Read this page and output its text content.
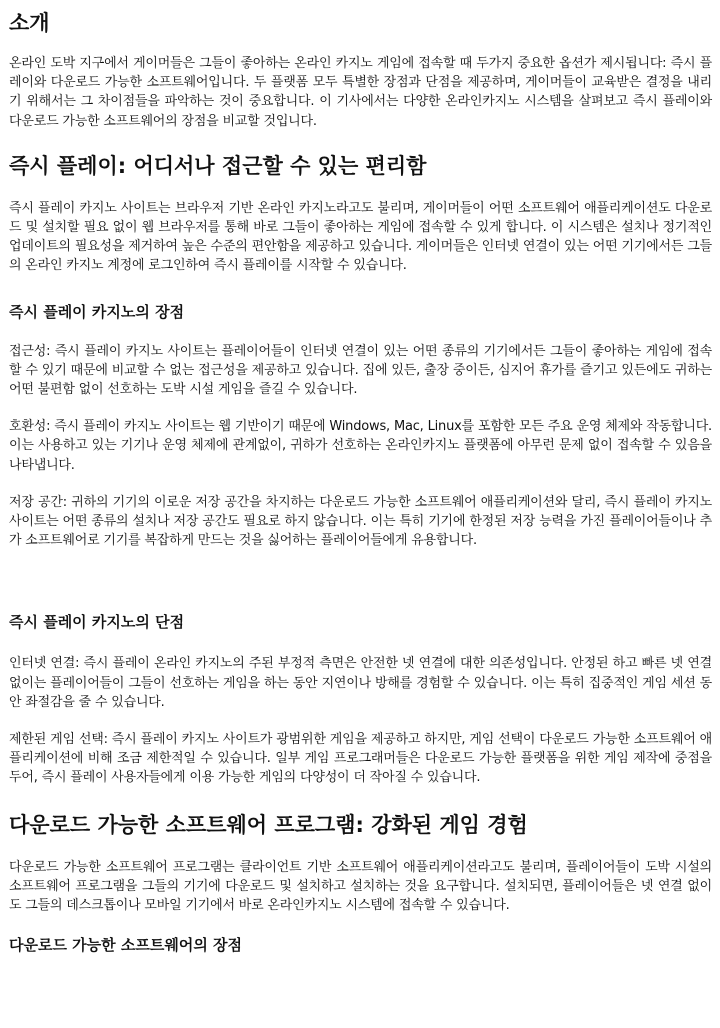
소개

온라인 도박 지구에서 게이머들은 그들이 좋아하는 온라인 카지노 게임에 접속할 때 두가지 중요한 옵션가 제시됩니다: 즉시 플레이와 다운로드 가능한 소프트웨어입니다. 두 플랫폼 모두 특별한 장점과 단점을 제공하며, 게이머들이 교육받은 결정을 내리기 위해서는 그 차이점들을 파악하는 것이 중요합니다. 이 기사에서는 다양한 온라인카지노 시스템을 살펴보고 즉시 플레이와 다운로드 가능한 소프트웨어의 장점을 비교할 것입니다.

즉시 플레이: 어디서나 접근할 수 있는 편리함

즉시 플레이 카지노 사이트는 브라우저 기반 온라인 카지노라고도 불리며, 게이머들이 어떤 소프트웨어 애플리케이션도 다운로드 및 설치할 필요 없이 웹 브라우저를 통해 바로 그들이 좋아하는 게임에 접속할 수 있게 합니다. 이 시스템은 설치나 정기적인 업데이트의 필요성을 제거하여 높은 수준의 편안함을 제공하고 있습니다. 게이머들은 인터넷 연결이 있는 어떤 기기에서든 그들의 온라인 카지노 계정에 로그인하여 즉시 플레이를 시작할 수 있습니다.

즉시 플레이 카지노의 장점

접근성: 즉시 플레이 카지노 사이트는 플레이어들이 인터넷 연결이 있는 어떤 종류의 기기에서든 그들이 좋아하는 게임에 접속할 수 있기 때문에 비교할 수 없는 접근성을 제공하고 있습니다. 집에 있든, 출장 중이든, 심지어 휴가를 즐기고 있든에도 귀하는 어떤 불편함 없이 선호하는 도박 시설 게임을 즐길 수 있습니다.

호환성: 즉시 플레이 카지노 사이트는 웹 기반이기 때문에 Windows, Mac, Linux를 포함한 모든 주요 운영 체제와 작동합니다. 이는 사용하고 있는 기기나 운영 체제에 관계없이, 귀하가 선호하는 온라인카지노 플랫폼에 아무런 문제 없이 접속할 수 있음을 나타냅니다.

저장 공간: 귀하의 기기의 이로운 저장 공간을 차지하는 다운로드 가능한 소프트웨어 애플리케이션와 달리, 즉시 플레이 카지노 사이트는 어떤 종류의 설치나 저장 공간도 필요로 하지 않습니다. 이는 특히 기기에 한정된 저장 능력을 가진 플레이어들이나 추가 소프트웨어로 기기를 복잡하게 만드는 것을 싫어하는 플레이어들에게 유용합니다.

즉시 플레이 카지노의 단점

인터넷 연결: 즉시 플레이 온라인 카지노의 주된 부정적 측면은 안전한 넷 연결에 대한 의존성입니다. 안정된 하고 빠른 넷 연결 없이는 플레이어들이 그들이 선호하는 게임을 하는 동안 지연이나 방해를 경험할 수 있습니다. 이는 특히 집중적인 게임 세션 동안 좌절감을 줄 수 있습니다.

제한된 게임 선택: 즉시 플레이 카지노 사이트가 광범위한 게임을 제공하고 하지만, 게임 선택이 다운로드 가능한 소프트웨어 애플리케이션에 비해 조금 제한적일 수 있습니다. 일부 게임 프로그래머들은 다운로드 가능한 플랫폼을 위한 게임 제작에 중점을 두어, 즉시 플레이 사용자들에게 이용 가능한 게임의 다양성이 더 작아질 수 있습니다.

다운로드 가능한 소프트웨어 프로그램: 강화된 게임 경험

다운로드 가능한 소프트웨어 프로그램는 클라이언트 기반 소프트웨어 애플리케이션라고도 불리며, 플레이어들이 도박 시설의 소프트웨어 프로그램을 그들의 기기에 다운로드 및 설치하고 설치하는 것을 요구합니다. 설치되면, 플레이어들은 넷 연결 없이도 그들의 데스크톱이나 모바일 기기에서 바로 온라인카지노 시스템에 접속할 수 있습니다.

다운로드 가능한 소프트웨어의 장점
